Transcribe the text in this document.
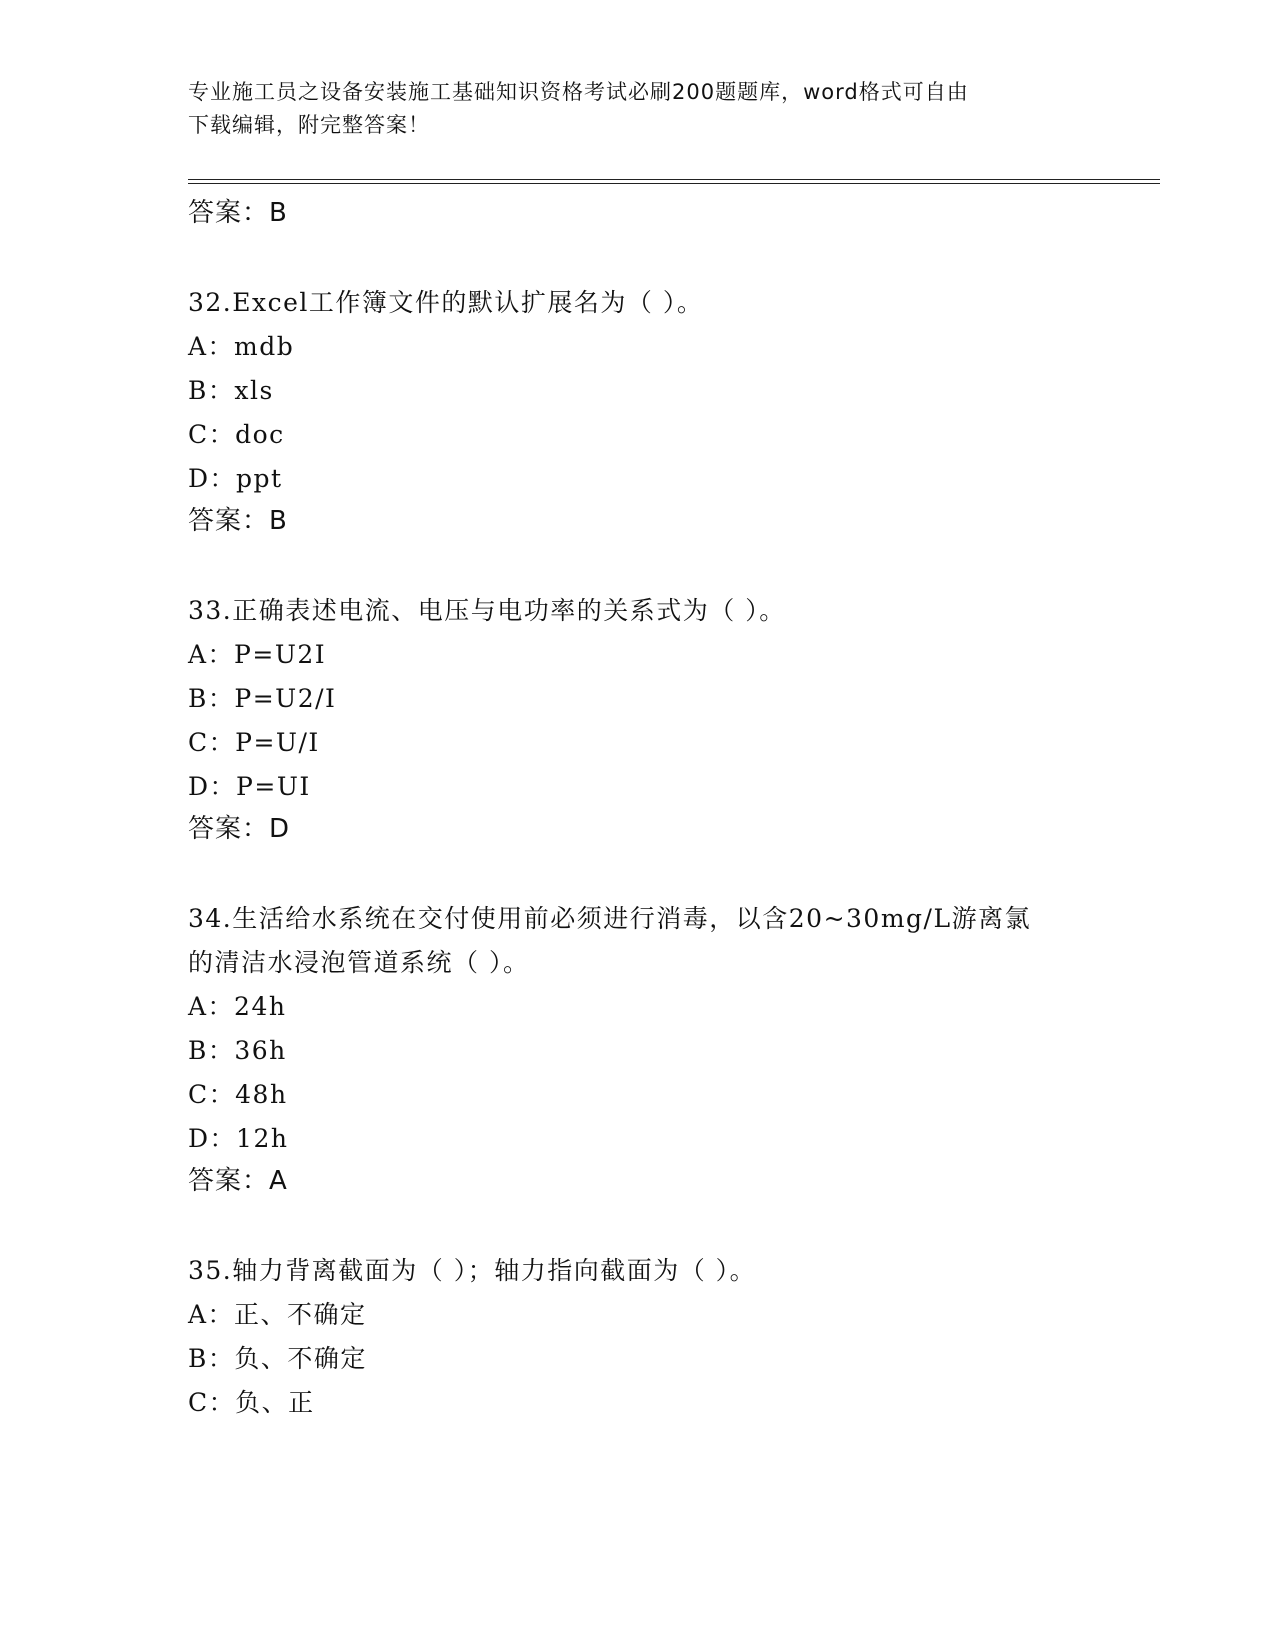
专业施工员之设备安装施工基础知识资格考试必刷200题题库，word格式可自由
下载编辑，附完整答案！
答案：B
32.Excel工作簿文件的默认扩展名为（ ）。
A：mdb
B：xls
C：doc
D：ppt
答案：B
33.正确表述电流、电压与电功率的关系式为（ ）。
A：P=U2I
B：P=U2/I
C：P=U/I
D：P=UI
答案：D
34.生活给水系统在交付使用前必须进行消毒，以含20~30mg/L游离氯
的清洁水浸泡管道系统（ ）。
A：24h
B：36h
C：48h
D：12h
答案：A
35.轴力背离截面为（ ）；轴力指向截面为（ ）。
A：正、不确定
B：负、不确定
C：负、正
